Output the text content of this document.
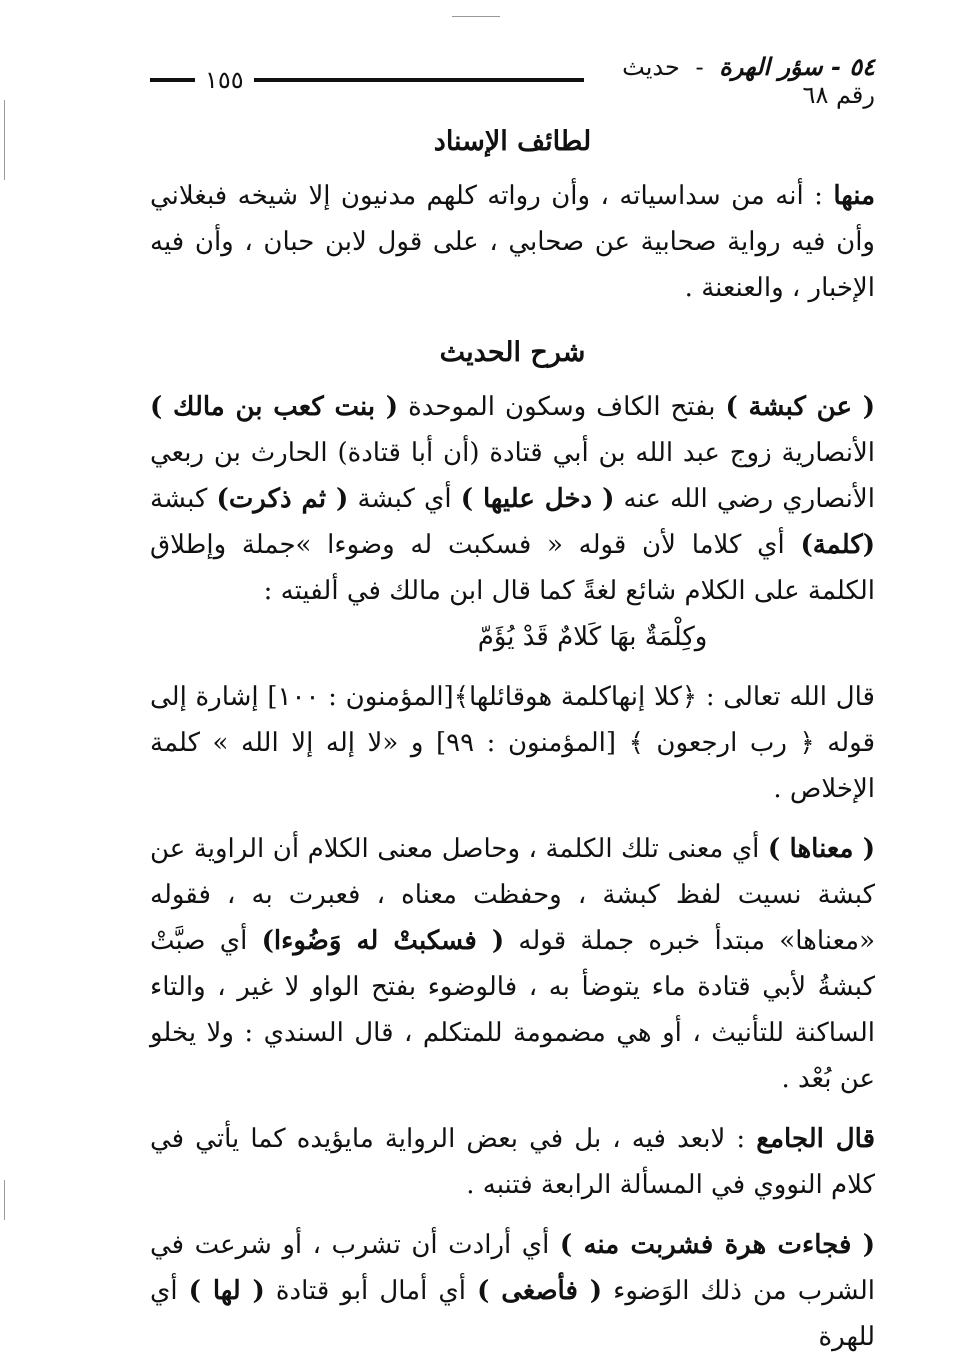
٥٤ - سؤر الهرة - حديث رقم ٦٨
١٥٥
لطائف الإسناد

منها : أنه من سداسياته ، وأن رواته كلهم مدنيون إلا شيخه فبغلاني وأن فيه رواية صحابية عن صحابي ، على قول لابن حبان ، وأن فيه الإخبار ، والعنعنة .

شرح الحديث

( عن كبشة ) بفتح الكاف وسكون الموحدة ( بنت كعب بن مالك ) الأنصارية زوج عبد الله بن أبي قتادة (أن أبا قتادة) الحارث بن ربعي الأنصاري رضي الله عنه ( دخل عليها ) أي كبشة ( ثم ذكرت) كبشة (كلمة) أي كلاما لأن قوله « فسكبت له وضوءا »جملة وإطلاق الكلمة على الكلام شائع لغةً كما قال ابن مالك في ألفيته :

وكِلْمَةٌ بهَا كَلامٌ قَدْ يُؤَمّ

قال الله تعالى : ﴿كلا إنهاكلمة هوقائلها﴾[المؤمنون : ١٠٠] إشارة إلى قوله ﴿ رب ارجعون ﴾ [المؤمنون : ٩٩] و «لا إله إلا الله » كلمة الإخلاص .

( معناها ) أي معنى تلك الكلمة ، وحاصل معنى الكلام أن الراوية عن كبشة نسيت لفظ كبشة ، وحفظت معناه ، فعبرت به ، فقوله «معناها» مبتدأ خبره جملة قوله ( فسكبتْ له وَضُوءا) أي صبَّتْ كبشةُ لأبي قتادة ماء يتوضأ به ، فالوضوء بفتح الواو لا غير ، والتاء الساكنة للتأنيث ، أو هي مضمومة للمتكلم ، قال السندي : ولا يخلو عن بُعْد .

قال الجامع : لابعد فيه ، بل في بعض الرواية مايؤيده كما يأتي في كلام النووي في المسألة الرابعة فتنبه .

( فجاءت هرة فشربت منه ) أي أرادت أن تشرب ، أو شرعت في الشرب من ذلك الوَضوء ( فأصغى ) أي أمال أبو قتادة ( لها ) أي للهرة
